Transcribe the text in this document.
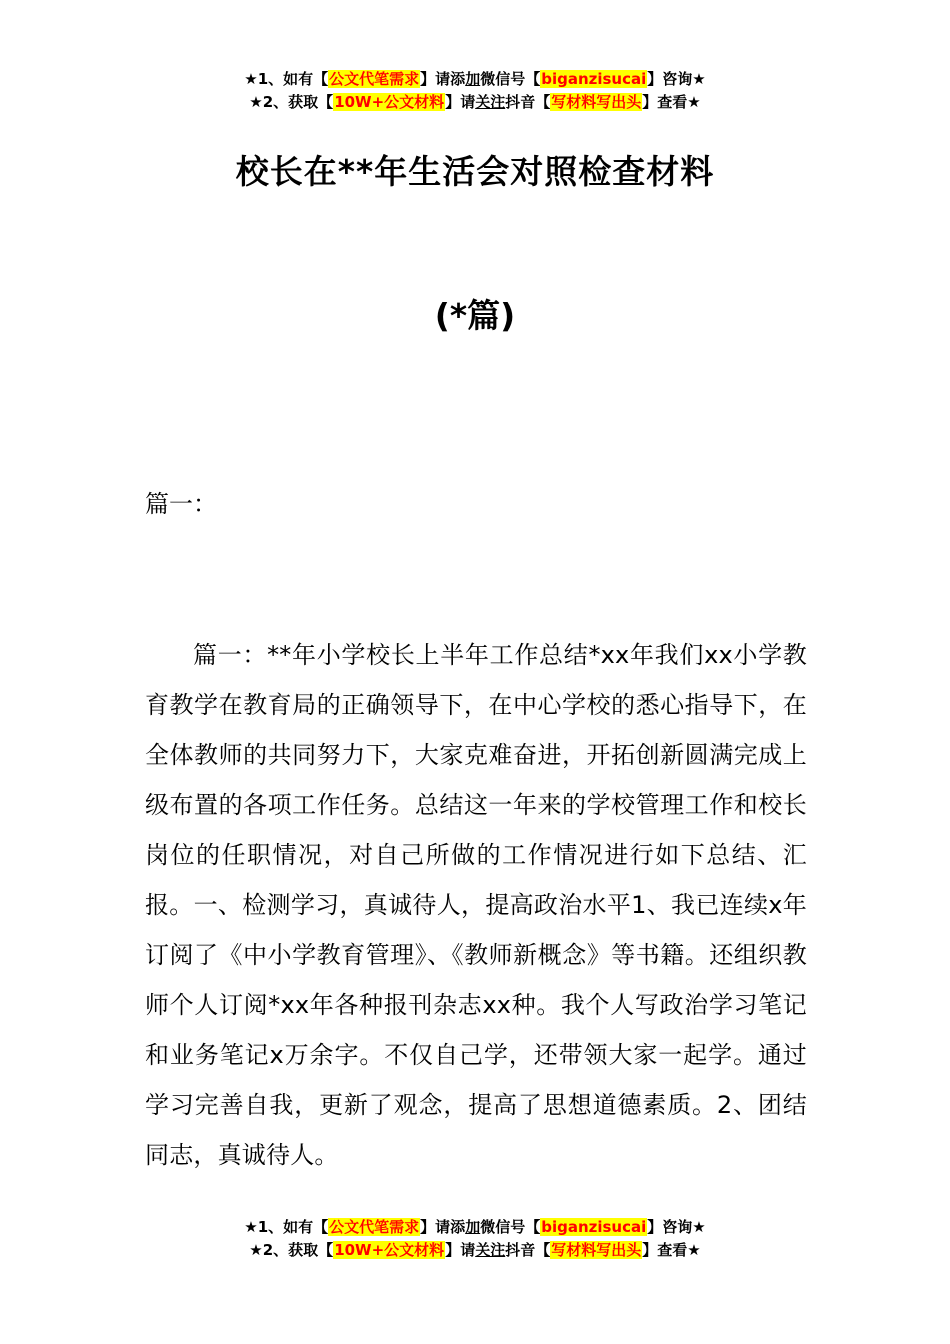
★1、如有【公文代笔需求】请添加微信号【biganzisucai】咨询★
★2、获取【10W+公文材料】请关注抖音【写材料写出头】查看★
校长在**年生活会对照检查材料
(*篇)
篇一：
篇一：**年小学校长上半年工作总结*xx年我们xx小学教育教学在教育局的正确领导下，在中心学校的悉心指导下，在全体教师的共同努力下，大家克难奋进，开拓创新圆满完成上级布置的各项工作任务。总结这一年来的学校管理工作和校长岗位的任职情况，对自己所做的工作情况进行如下总结、汇报。一、检测学习，真诚待人，提高政治水平1、我已连续x年订阅了《中小学教育管理》、《教师新概念》等书籍。还组织教师个人订阅*xx年各种报刊杂志xx种。我个人写政治学习笔记和业务笔记x万余字。不仅自己学，还带领大家一起学。通过学习完善自我，更新了观念，提高了思想道德素质。2、团结同志，真诚待人。
★1、如有【公文代笔需求】请添加微信号【biganzisucai】咨询★
★2、获取【10W+公文材料】请关注抖音【写材料写出头】查看★
